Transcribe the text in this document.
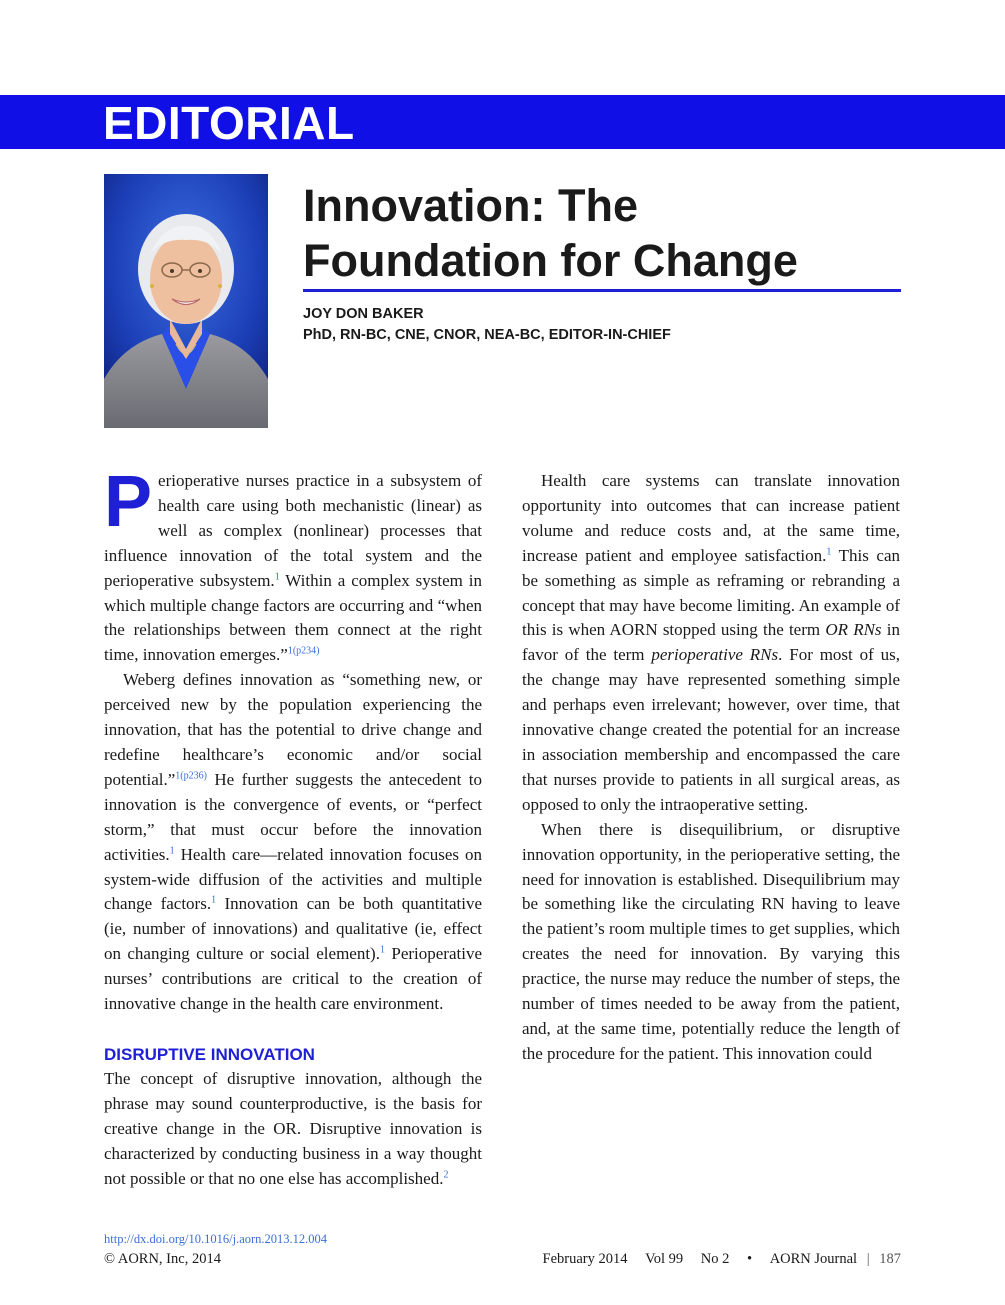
EDITORIAL
Innovation: The
Foundation for Change
JOY DON BAKER
PhD, RN-BC, CNE, CNOR, NEA-BC, EDITOR-IN-CHIEF

Perioperative nurses practice in a subsystem of health care using both mechanistic (linear) as well as complex (nonlinear) processes that influence innovation of the total system and the perioperative subsystem.$^1$ Within a complex system in which multiple change factors are occurring and “when the relationships between them connect at the right time, innovation emerges.”$^{1(p234)}$

Weberg defines innovation as “something new, or perceived new by the population experiencing the innovation, that has the potential to drive change and redefine healthcare’s economic and/or social potential.”$^{1(p236)}$ He further suggests the antecedent to innovation is the convergence of events, or “perfect storm,” that must occur before the innovation activities.$^1$ Health care—related innovation focuses on system-wide diffusion of the activities and multiple change factors.$^1$ Innovation can be both quantitative (ie, number of innovations) and qualitative (ie, effect on changing culture or social element).$^1$ Perioperative nurses’ contributions are critical to the creation of innovative change in the health care environment.

DISRUPTIVE INNOVATION

The concept of disruptive innovation, although the phrase may sound counterproductive, is the basis for creative change in the OR. Disruptive innovation is characterized by conducting business in a way thought not possible or that no one else has accomplished.$^2$

Health care systems can translate innovation opportunity into outcomes that can increase patient volume and reduce costs and, at the same time, increase patient and employee satisfaction.$^1$ This can be something as simple as reframing or rebranding a concept that may have become limiting. An example of this is when AORN stopped using the term OR RNs in favor of the term perioperative RNs. For most of us, the change may have represented something simple and perhaps even irrelevant; however, over time, that innovative change created the potential for an increase in association membership and encompassed the care that nurses provide to patients in all surgical areas, as opposed to only the intraoperative setting.

When there is disequilibrium, or disruptive innovation opportunity, in the perioperative setting, the need for innovation is established. Disequilibrium may be something like the circulating RN having to leave the patient’s room multiple times to get supplies, which creates the need for innovation. By varying this practice, the nurse may reduce the number of steps, the number of times needed to be away from the patient, and, at the same time, potentially reduce the length of the procedure for the patient. This innovation could

http://dx.doi.org/10.1016/j.aorn.2013.12.004
© AORN, Inc, 2014	February 2014 Vol 99 No 2 • AORN Journal | 187
